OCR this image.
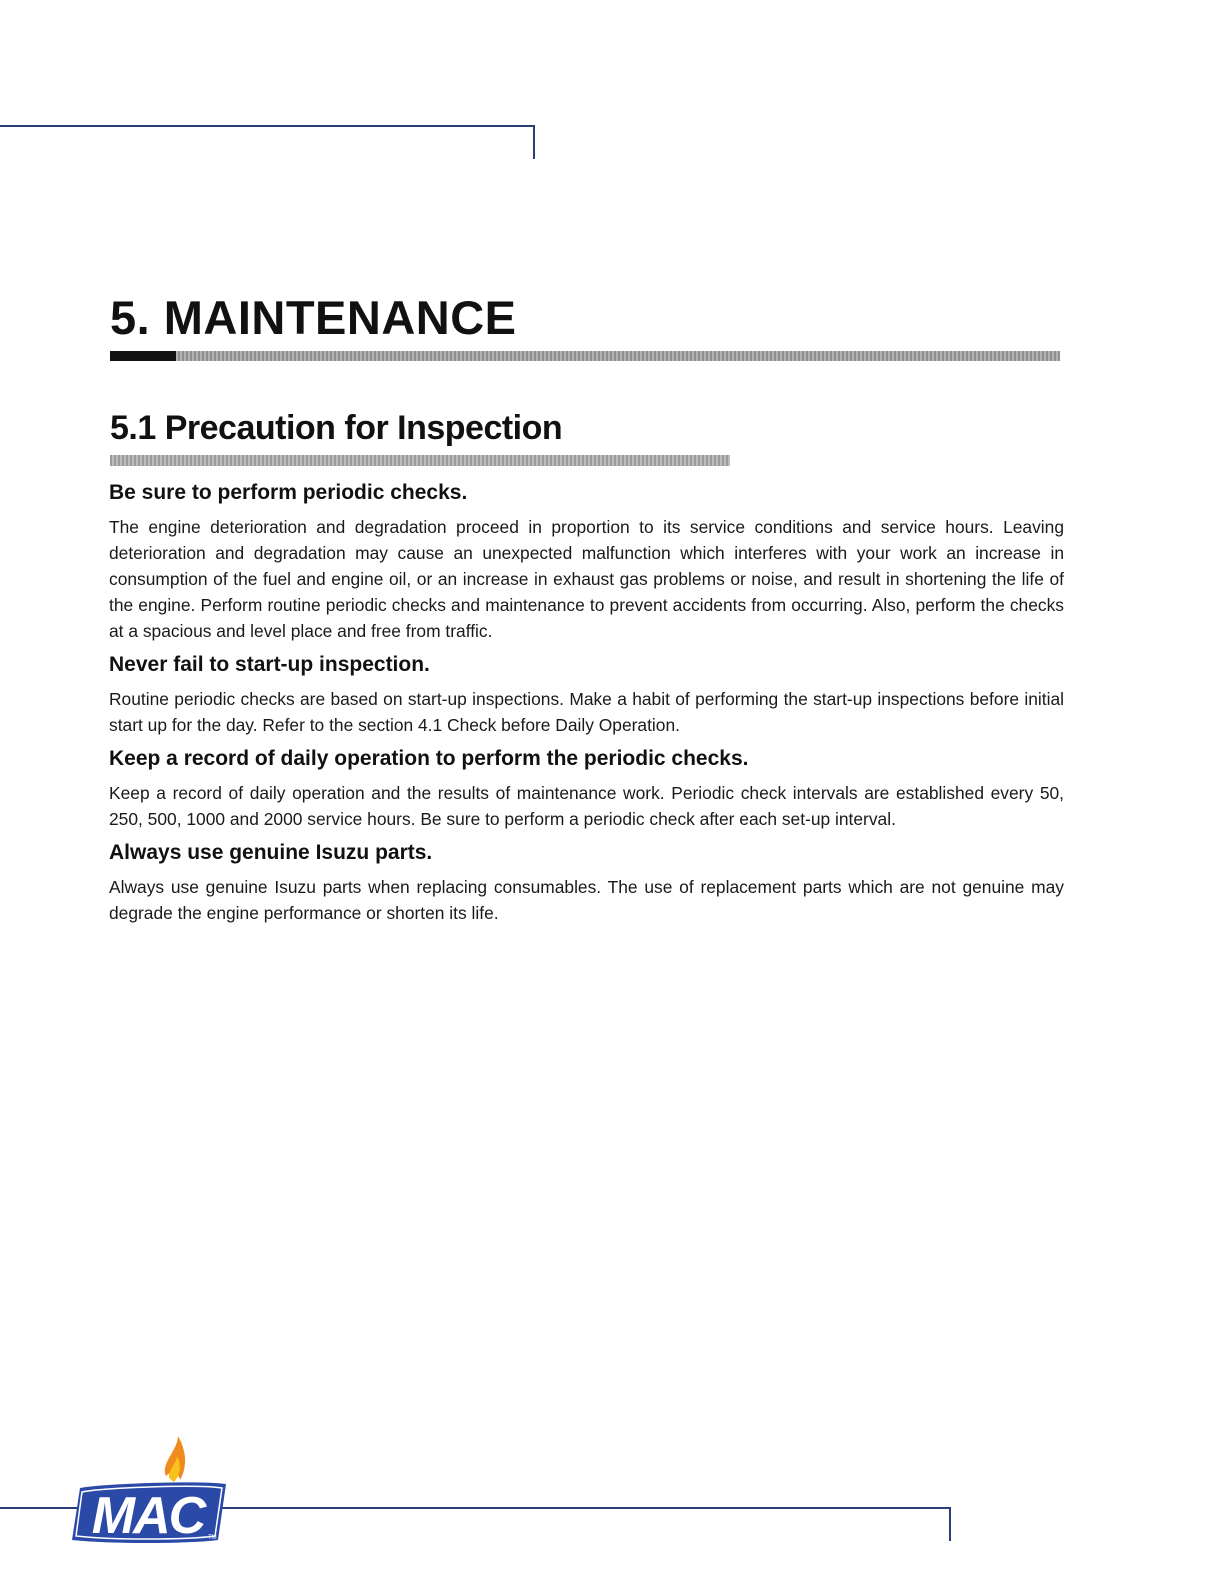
5. MAINTENANCE
5.1 Precaution for Inspection
Be sure to perform periodic checks.

The engine deterioration and degradation proceed in proportion to its service conditions and service hours. Leaving deterioration and degradation may cause an unexpected malfunction which interferes with your work an increase in consumption of the fuel and engine oil, or an increase in exhaust gas problems or noise, and result in shortening the life of the engine. Perform routine periodic checks and maintenance to prevent accidents from occurring. Also, perform the checks at a spacious and level place and free from traffic.

Never fail to start-up inspection.

Routine periodic checks are based on start-up inspections. Make a habit of performing the start-up inspections before initial start up for the day. Refer to the section 4.1 Check before Daily Operation.

Keep a record of daily operation to perform the periodic checks.

Keep a record of daily operation and the results of maintenance work. Periodic check intervals are established every 50, 250, 500, 1000 and 2000 service hours. Be sure to perform a periodic check after each set-up interval.

Always use genuine Isuzu parts.

Always use genuine Isuzu parts when replacing consumables. The use of replacement parts which are not genuine may degrade the engine performance or shorten its life.

MAC TM
